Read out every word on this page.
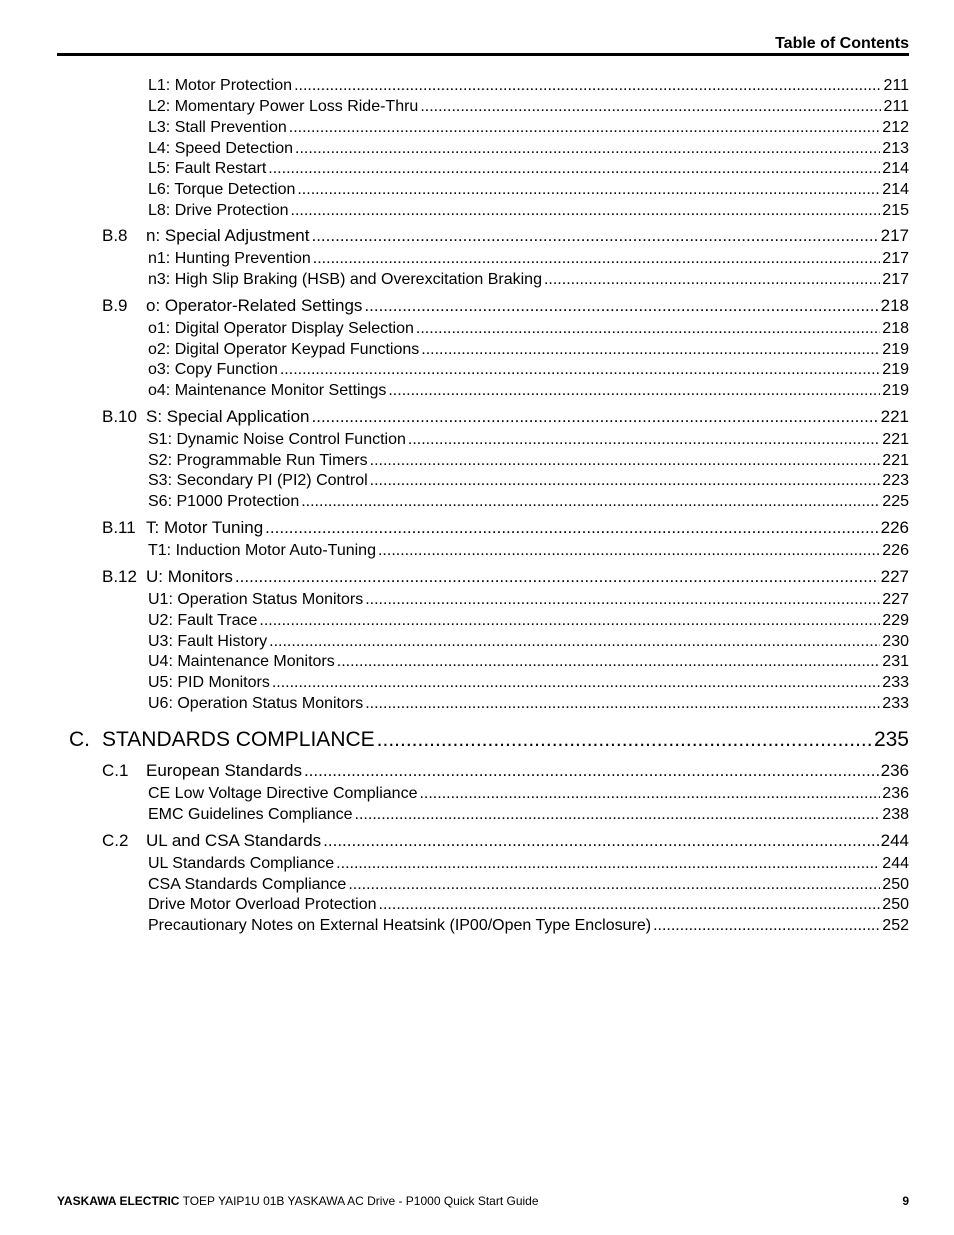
Table of Contents
L1: Motor Protection .....	211
L2: Momentary Power Loss Ride-Thru .....	211
L3: Stall Prevention .....	212
L4: Speed Detection .....	213
L5: Fault Restart .....	214
L6: Torque Detection .....	214
L8: Drive Protection .....	215
B.8 n: Special Adjustment .....	217
n1: Hunting Prevention .....	217
n3: High Slip Braking (HSB) and Overexcitation Braking .....	217
B.9 o: Operator-Related Settings .....	218
o1: Digital Operator Display Selection .....	218
o2: Digital Operator Keypad Functions .....	219
o3: Copy Function .....	219
o4: Maintenance Monitor Settings .....	219
B.10 S: Special Application .....	221
S1: Dynamic Noise Control Function .....	221
S2: Programmable Run Timers .....	221
S3: Secondary PI (PI2) Control .....	223
S6: P1000 Protection .....	225
B.11 T: Motor Tuning .....	226
T1: Induction Motor Auto-Tuning .....	226
B.12 U: Monitors .....	227
U1: Operation Status Monitors .....	227
U2: Fault Trace .....	229
U3: Fault History .....	230
U4: Maintenance Monitors .....	231
U5: PID Monitors .....	233
U6: Operation Status Monitors .....	233
C. STANDARDS COMPLIANCE .....	235
C.1 European Standards .....	236
CE Low Voltage Directive Compliance .....	236
EMC Guidelines Compliance .....	238
C.2 UL and CSA Standards .....	244
UL Standards Compliance .....	244
CSA Standards Compliance .....	250
Drive Motor Overload Protection .....	250
Precautionary Notes on External Heatsink (IP00/Open Type Enclosure) .....	252
YASKAWA ELECTRIC TOEP YAIP1U 01B YASKAWA AC Drive - P1000 Quick Start Guide	9
